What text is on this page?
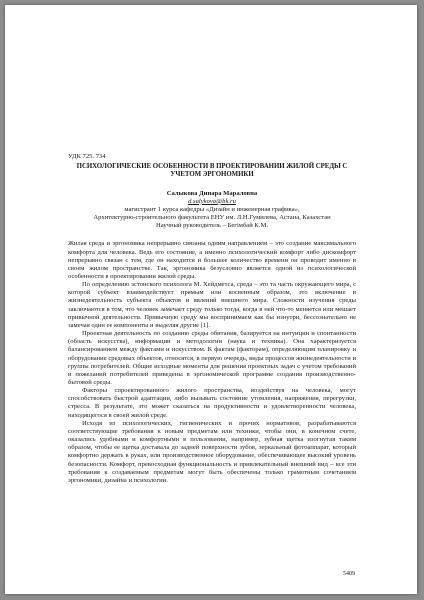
УДК 725. 734
ПСИХОЛОГИЧЕСКИЕ ОСОБЕННОСТИ В ПРОЕКТИРОВАНИИ ЖИЛОЙ СРЕДЫ С УЧЕТОМ ЭРГОНОМИКИ
Салыкова Динара Мараловна
d.salykova@bk.ru
магистрант 1 курса кафедры «Дизайн и инженерная графика»,
Архитектурно-строительного факультета ЕНУ им. Л.Н.Гумилева, Астана, Казахстан
Научный руководитель – Бегімбай К.М.

Жилая среда и эргономика непрерывно связаны одним направлением – это создание максимального комфорта для человека. Ведь его состояние, а именно психологический комфорт либо дискомфорт непрерывно связан с тем, где он находится и большее количество времени он проводит именно в своем жилом пространстве. Так, эргономика безусловно является одной из психологической особенности в проектировании жилой среды.

По определению эстонского психолога М. Хейдметса, среда – это та часть окружающего мира, с которой субъект взаимодействует прямым или косвенным образом, это включение в жизнедеятельность субъекта объектов и явлений внешнего мира. Сложности изучения среды заключаются в том, что человек замечает среду только тогда, когда в ней что-то меняется или мешает привычной деятельности. Привычную среду мы воспринимаем как бы изнутри, бессознательно не замечая один ее компоненты и выделяя другие [1].

Проектная деятельность по созданию среды обитания, базируется на интуиции и спонтанности (область искусства), информации и методологии (наука и техника). Она характеризуется балансированием между фактами и искусством. К фактам (факторам), определяющим планировку и оборудование средовых объектов, относятся, в первую очередь, виды процессов жизнедеятельности и группы потребителей. Общие исходные моменты для решения проектных задач с учетом требований и пожеланий потребителей приведены в эргономической программе создания производственно-бытовой среды.

Факторы спроектированного жилого пространства, воздействуя на человека, могут способствовать быстрой адаптации, либо вызывать состояние утомления, напряжения, перегрузки, стресса. В результате, это может сказаться на продуктивности и удовлетворенности человека, находящегося в своей жилой среде.

Исходя из психологических, гигиенических и прочих нормативов, разрабатываются соответствующие требования к новым предметам или техники, чтобы они, в конечном счете, оказались удобными и комфортными в пользовании, например, зубная щетка изогнутая таким образом, чтобы ее щетка доставала до задней поверхности зубов, зеркальный фотоаппарат, который комфортно держать в руках, или производственное оборудование, обеспечивающее высокий уровень безопасности. Комфорт, превосходная функциональность и привлекательный внешний вид – все эти требования к создаваемым предметам могут быть обеспечены только грамотным сочетанием эргономики, дизайна и психологии.

5409
